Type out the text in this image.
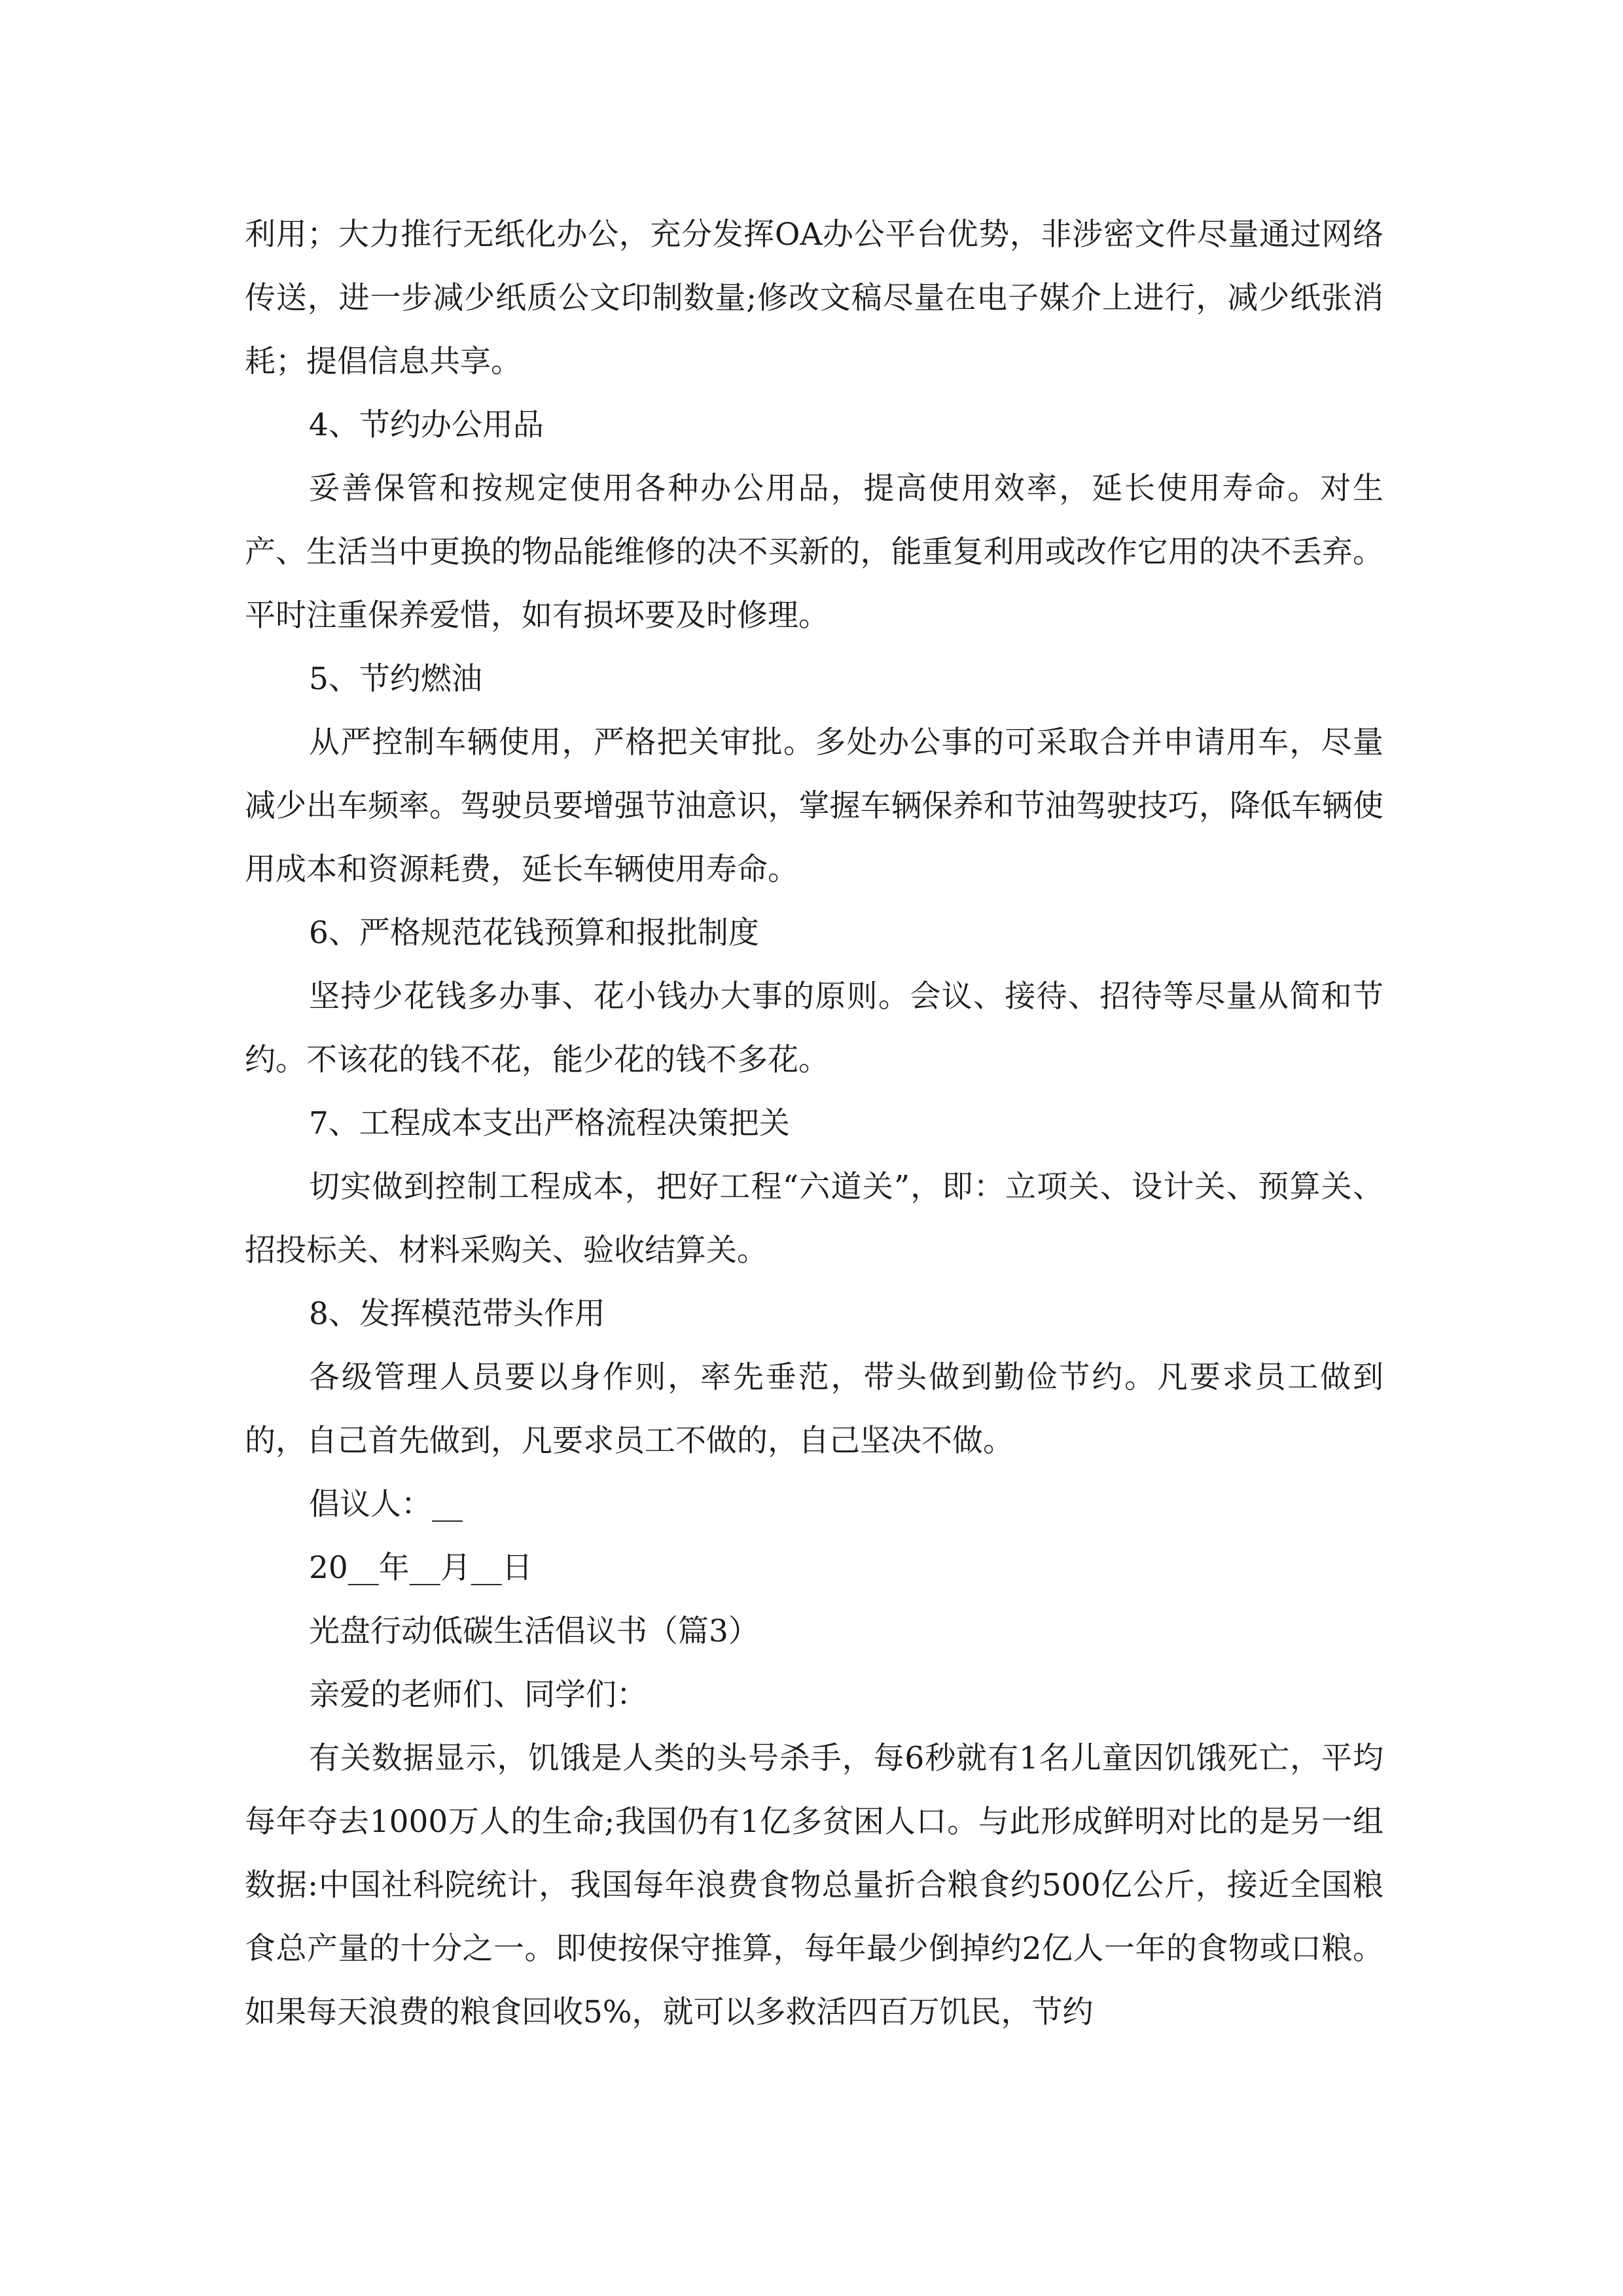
利用；大力推行无纸化办公，充分发挥OA办公平台优势，非涉密文件尽量通过网络传送，进一步减少纸质公文印制数量;修改文稿尽量在电子媒介上进行，减少纸张消耗；提倡信息共享。

4、节约办公用品

妥善保管和按规定使用各种办公用品，提高使用效率，延长使用寿命。对生产、生活当中更换的物品能维修的决不买新的，能重复利用或改作它用的决不丢弃。平时注重保养爱惜，如有损坏要及时修理。

5、节约燃油

从严控制车辆使用，严格把关审批。多处办公事的可采取合并申请用车，尽量减少出车频率。驾驶员要增强节油意识，掌握车辆保养和节油驾驶技巧，降低车辆使用成本和资源耗费，延长车辆使用寿命。

6、严格规范花钱预算和报批制度

坚持少花钱多办事、花小钱办大事的原则。会议、接待、招待等尽量从简和节约。不该花的钱不花，能少花的钱不多花。

7、工程成本支出严格流程决策把关

切实做到控制工程成本，把好工程“六道关”，即：立项关、设计关、预算关、招投标关、材料采购关、验收结算关。

8、发挥模范带头作用

各级管理人员要以身作则，率先垂范，带头做到勤俭节约。凡要求员工做到的，自己首先做到，凡要求员工不做的，自己坚决不做。

倡议人：__

20__年__月__日

光盘行动低碳生活倡议书（篇3）

亲爱的老师们、同学们：

有关数据显示，饥饿是人类的头号杀手，每6秒就有1名儿童因饥饿死亡，平均每年夺去1000万人的生命;我国仍有1亿多贫困人口。与此形成鲜明对比的是另一组数据:中国社科院统计，我国每年浪费食物总量折合粮食约500亿公斤，接近全国粮食总产量的十分之一。即使按保守推算，每年最少倒掉约2亿人一年的食物或口粮。如果每天浪费的粮食回收5%，就可以多救活四百万饥民，节约
